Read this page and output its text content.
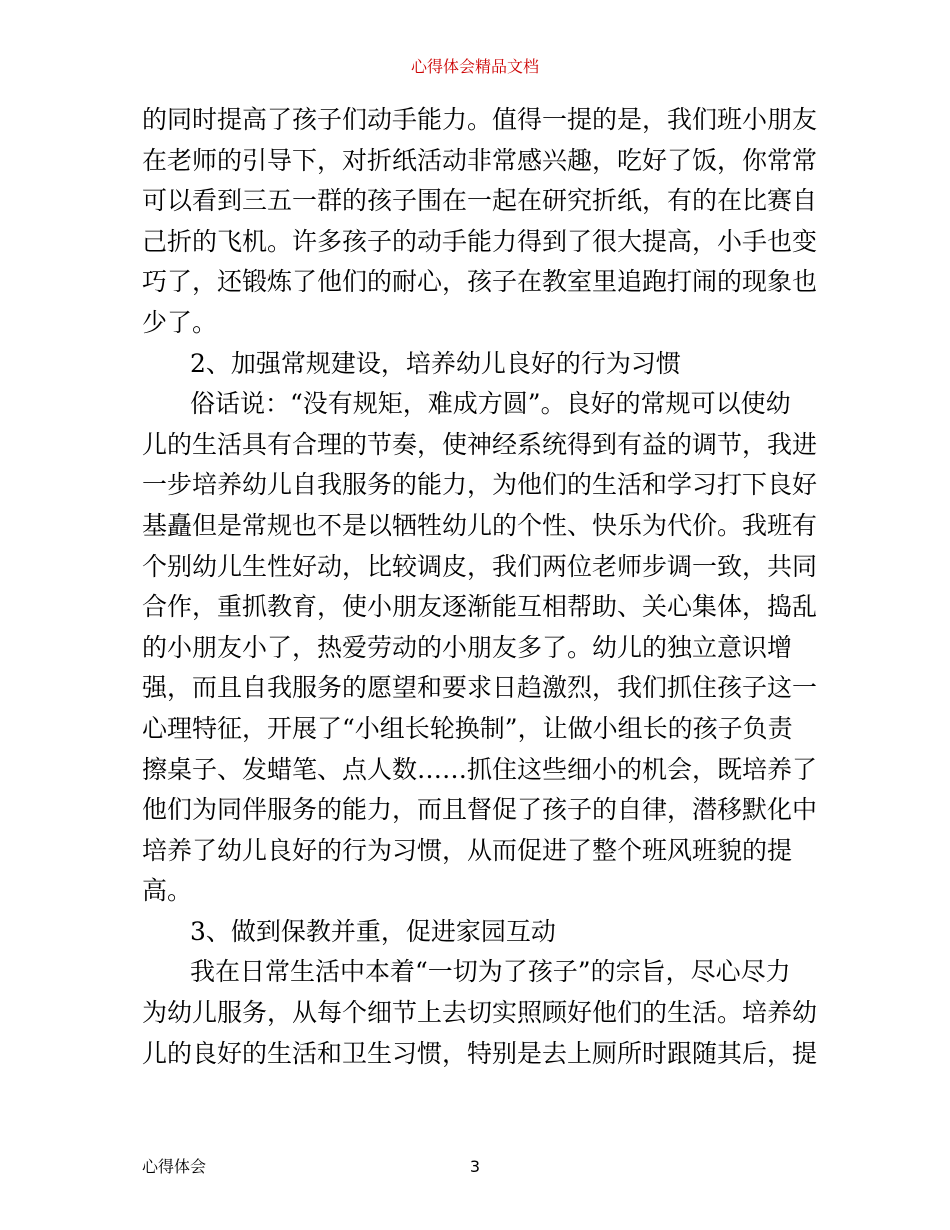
心得体会精品文档
的同时提高了孩子们动手能力。值得一提的是，我们班小朋友
在老师的引导下，对折纸活动非常感兴趣，吃好了饭，你常常
可以看到三五一群的孩子围在一起在研究折纸，有的在比赛自
己折的飞机。许多孩子的动手能力得到了很大提高，小手也变
巧了，还锻炼了他们的耐心，孩子在教室里追跑打闹的现象也
少了。
2、加强常规建设，培养幼儿良好的行为习惯
俗话说：“没有规矩，难成方圆”。良好的常规可以使幼
儿的生活具有合理的节奏，使神经系统得到有益的调节，我进
一步培养幼儿自我服务的能力，为他们的生活和学习打下良好
基矗但是常规也不是以牺牲幼儿的个性、快乐为代价。我班有
个别幼儿生性好动，比较调皮，我们两位老师步调一致，共同
合作，重抓教育，使小朋友逐渐能互相帮助、关心集体，捣乱
的小朋友小了，热爱劳动的小朋友多了。幼儿的独立意识增
强，而且自我服务的愿望和要求日趋激烈，我们抓住孩子这一
心理特征，开展了“小组长轮换制”，让做小组长的孩子负责
擦桌子、发蜡笔、点人数……抓住这些细小的机会，既培养了
他们为同伴服务的能力，而且督促了孩子的自律，潜移默化中
培养了幼儿良好的行为习惯，从而促进了整个班风班貌的提
高。
3、做到保教并重，促进家园互动
我在日常生活中本着“一切为了孩子”的宗旨，尽心尽力
为幼儿服务，从每个细节上去切实照顾好他们的生活。培养幼
儿的良好的生活和卫生习惯，特别是去上厕所时跟随其后，提
心得体会	3
